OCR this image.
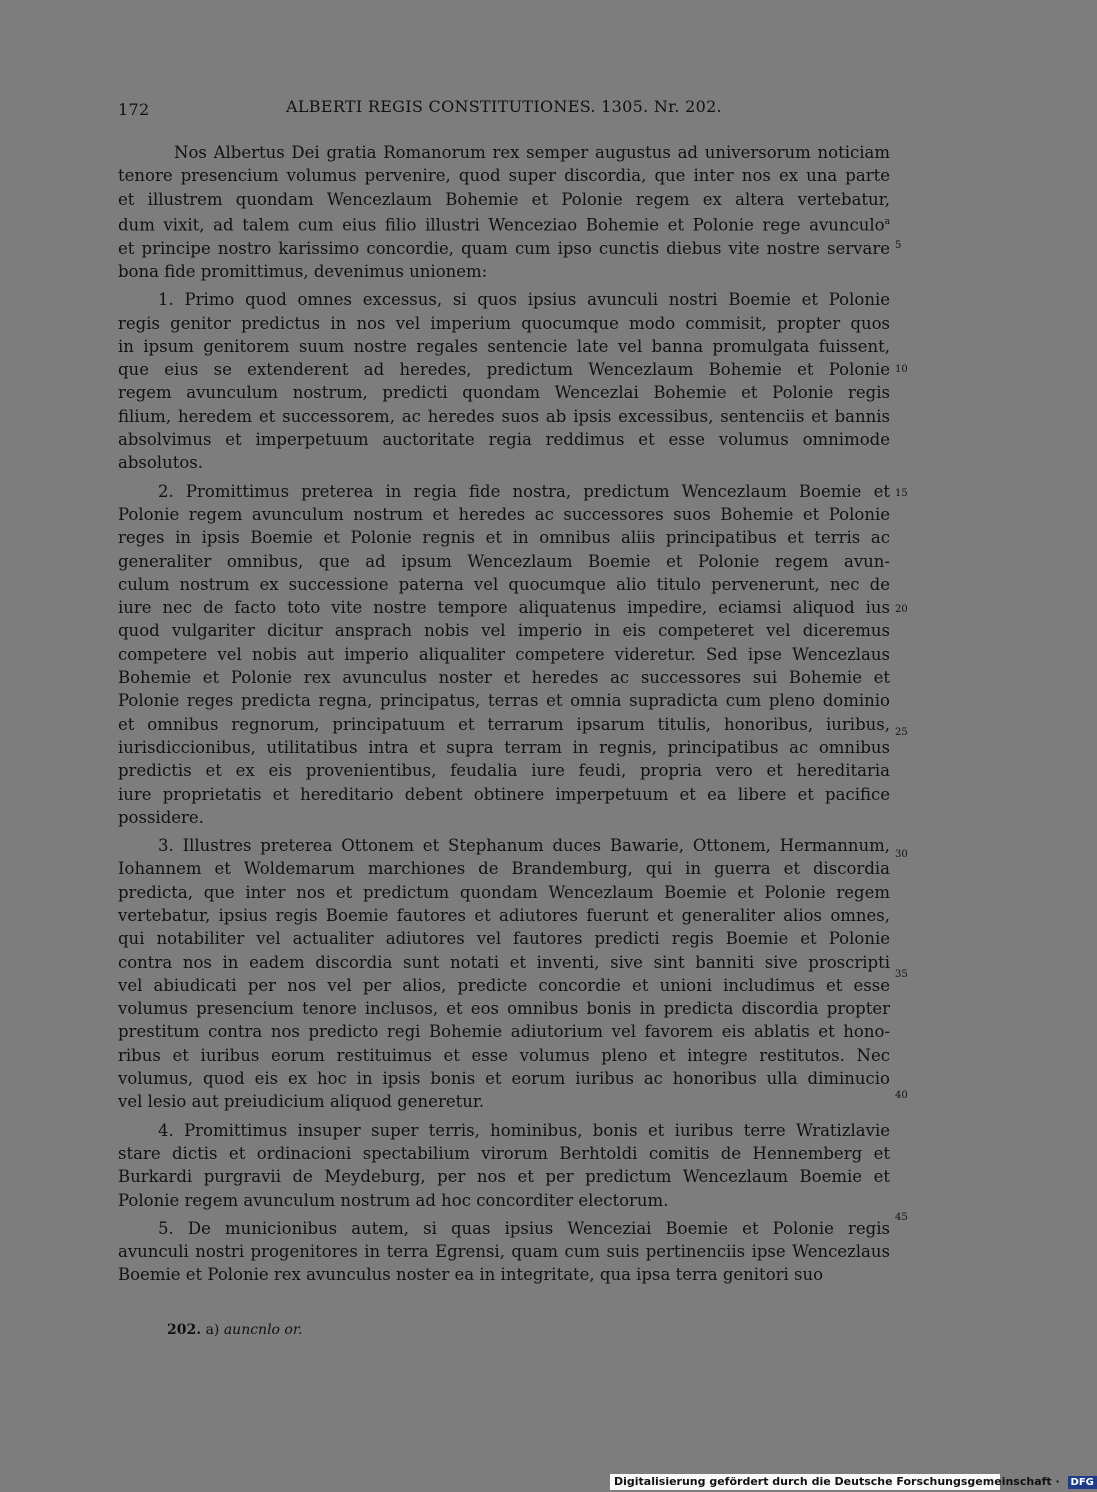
172	ALBERTI REGIS CONSTITUTIONES. 1305. Nr. 202.
Nos Albertus Dei gratia Romanorum rex semper augustus ad universorum noticiam
tenore presencium volumus pervenire, quod super discordia, que inter nos ex una parte
et illustrem quondam Wencezlaum Bohemie et Polonie regem ex altera vertebatur,
dum vixit, ad talem cum eius filio illustri Wenceziao Bohemie et Polonie rege avunculo$^a$
et principe nostro karissimo concordie, quam cum ipso cunctis diebus vite nostre servare
bona fide promittimus, devenimus unionem:
1. Primo quod omnes excessus, si quos ipsius avunculi nostri Boemie et Polonie
regis genitor predictus in nos vel imperium quocumque modo commisit, propter quos
in ipsum genitorem suum nostre regales sentencie late vel banna promulgata fuissent,
que eius se extenderent ad heredes, predictum Wencezlaum Bohemie et Polonie
regem avunculum nostrum, predicti quondam Wencezlai Bohemie et Polonie regis
filium, heredem et successorem, ac heredes suos ab ipsis excessibus, sentenciis et bannis
absolvimus et imperpetuum auctoritate regia reddimus et esse volumus omnimode
absolutos.
2. Promittimus preterea in regia fide nostra, predictum Wencezlaum Boemie et
Polonie regem avunculum nostrum et heredes ac successores suos Bohemie et Polonie
reges in ipsis Boemie et Polonie regnis et in omnibus aliis principatibus et terris ac
generaliter omnibus, que ad ipsum Wencezlaum Boemie et Polonie regem avun-
culum nostrum ex successione paterna vel quocumque alio titulo pervenerunt, nec de
iure nec de facto toto vite nostre tempore aliquatenus impedire, eciamsi aliquod ius
quod vulgariter dicitur ansprach nobis vel imperio in eis competeret vel diceremus
competere vel nobis aut imperio aliqualiter competere videretur. Sed ipse Wencezlaus
Bohemie et Polonie rex avunculus noster et heredes ac successores sui Bohemie et
Polonie reges predicta regna, principatus, terras et omnia supradicta cum pleno dominio
et omnibus regnorum, principatuum et terrarum ipsarum titulis, honoribus, iuribus,
iurisdiccionibus, utilitatibus intra et supra terram in regnis, principatibus ac omnibus
predictis et ex eis provenientibus, feudalia iure feudi, propria vero et hereditaria
iure proprietatis et hereditario debent obtinere imperpetuum et ea libere et pacifice
possidere.
3. Illustres preterea Ottonem et Stephanum duces Bawarie, Ottonem, Hermannum,
Iohannem et Woldemarum marchiones de Brandemburg, qui in guerra et discordia
predicta, que inter nos et predictum quondam Wencezlaum Boemie et Polonie regem
vertebatur, ipsius regis Boemie fautores et adiutores fuerunt et generaliter alios omnes,
qui notabiliter vel actualiter adiutores vel fautores predicti regis Boemie et Polonie
contra nos in eadem discordia sunt notati et inventi, sive sint banniti sive proscripti
vel abiudicati per nos vel per alios, predicte concordie et unioni includimus et esse
volumus presencium tenore inclusos, et eos omnibus bonis in predicta discordia propter
prestitum contra nos predicto regi Bohemie adiutorium vel favorem eis ablatis et hono-
ribus et iuribus eorum restituimus et esse volumus pleno et integre restitutos. Nec
volumus, quod eis ex hoc in ipsis bonis et eorum iuribus ac honoribus ulla diminucio
vel lesio aut preiudicium aliquod generetur.
4. Promittimus insuper super terris, hominibus, bonis et iuribus terre Wratizlavie
stare dictis et ordinacioni spectabilium virorum Berhtoldi comitis de Hennemberg et
Burkardi purgravii de Meydeburg, per nos et per predictum Wencezlaum Boemie et
Polonie regem avunculum nostrum ad hoc concorditer electorum.
5. De municionibus autem, si quas ipsius Wenceziai Boemie et Polonie regis
avunculi nostri progenitores in terra Egrensi, quam cum suis pertinenciis ipse Wencezlaus
Boemie et Polonie rex avunculus noster ea in integritate, qua ipsa terra genitori suo
5
10
15
20
25
30
35
40
45
202. a) auncnlo or.
Digitalisierung gefördert durch die Deutsche Forschungsgemeinschaft · DFG
